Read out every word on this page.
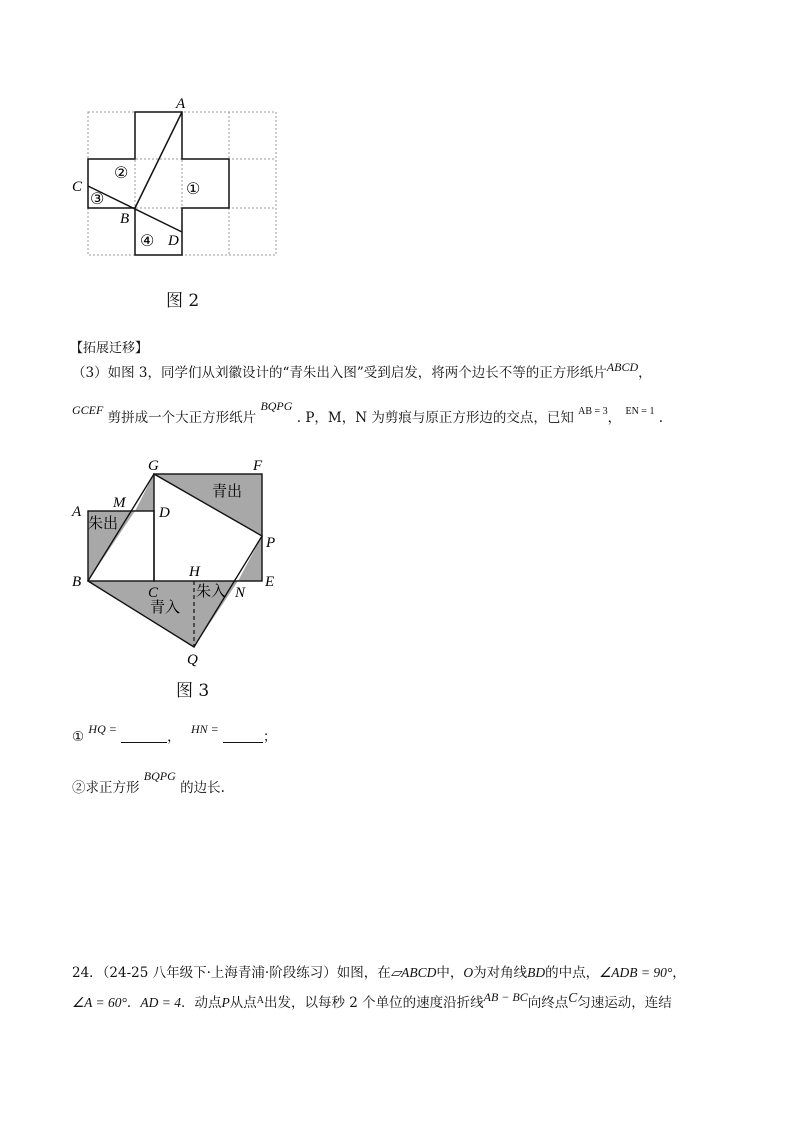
A
C
B
D
②
①
③
④
图 2
【拓展迁移】
（3）如图 3，同学们从刘徽设计的“青朱出入图”受到启发，将两个边长不等的正方形纸片ABCD，
GCEF 剪拼成一个大正方形纸片 BQPG . P，M，N 为剪痕与原正方形边的交点，已知 $^{AB = 3}$， $^{EN = 1}$ .
G	F
M
A	D
P
B
C
H
N
E
Q
青出
朱出
朱入
青入
图 3
① HQ =	， HN =	；
②求正方形 BQPG 的边长.
24．（24-25 八年级下·上海青浦·阶段练习）如图，在▱ABCD中，O为对角线BD的中点，∠ADB = 90°，
∠A = 60°．AD = 4．动点P从点$^A$出发，以每秒 2 个单位的速度沿折线AB − BC向终点C匀速运动，连结
